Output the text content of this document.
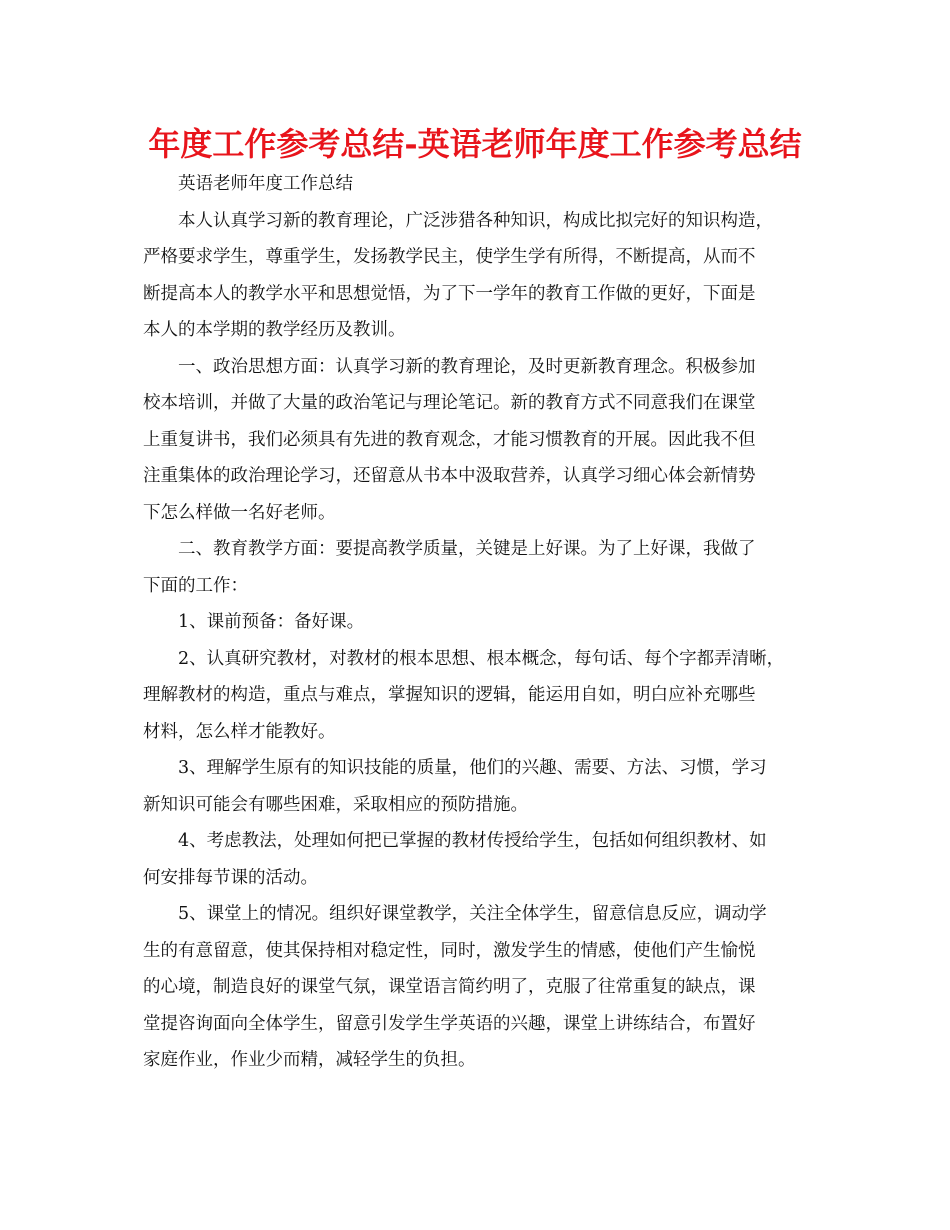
年度工作参考总结-英语老师年度工作参考总结
英语老师年度工作总结
本人认真学习新的教育理论，广泛涉猎各种知识，构成比拟完好的知识构造，
严格要求学生，尊重学生，发扬教学民主，使学生学有所得，不断提高，从而不
断提高本人的教学水平和思想觉悟，为了下一学年的教育工作做的更好，下面是
本人的本学期的教学经历及教训。
一、政治思想方面：认真学习新的教育理论，及时更新教育理念。积极参加
校本培训，并做了大量的政治笔记与理论笔记。新的教育方式不同意我们在课堂
上重复讲书，我们必须具有先进的教育观念，才能习惯教育的开展。因此我不但
注重集体的政治理论学习，还留意从书本中汲取营养，认真学习细心体会新情势
下怎么样做一名好老师。
二、教育教学方面：要提高教学质量，关键是上好课。为了上好课，我做了
下面的工作：
1、课前预备：备好课。
2、认真研究教材，对教材的根本思想、根本概念，每句话、每个字都弄清晰，
理解教材的构造，重点与难点，掌握知识的逻辑，能运用自如，明白应补充哪些
材料，怎么样才能教好。
3、理解学生原有的知识技能的质量，他们的兴趣、需要、方法、习惯，学习
新知识可能会有哪些困难，采取相应的预防措施。
4、考虑教法，处理如何把已掌握的教材传授给学生，包括如何组织教材、如
何安排每节课的活动。
5、课堂上的情况。组织好课堂教学，关注全体学生，留意信息反应，调动学
生的有意留意，使其保持相对稳定性，同时，激发学生的情感，使他们产生愉悦
的心境，制造良好的课堂气氛，课堂语言简约明了，克服了往常重复的缺点，课
堂提咨询面向全体学生，留意引发学生学英语的兴趣，课堂上讲练结合，布置好
家庭作业，作业少而精，减轻学生的负担。
